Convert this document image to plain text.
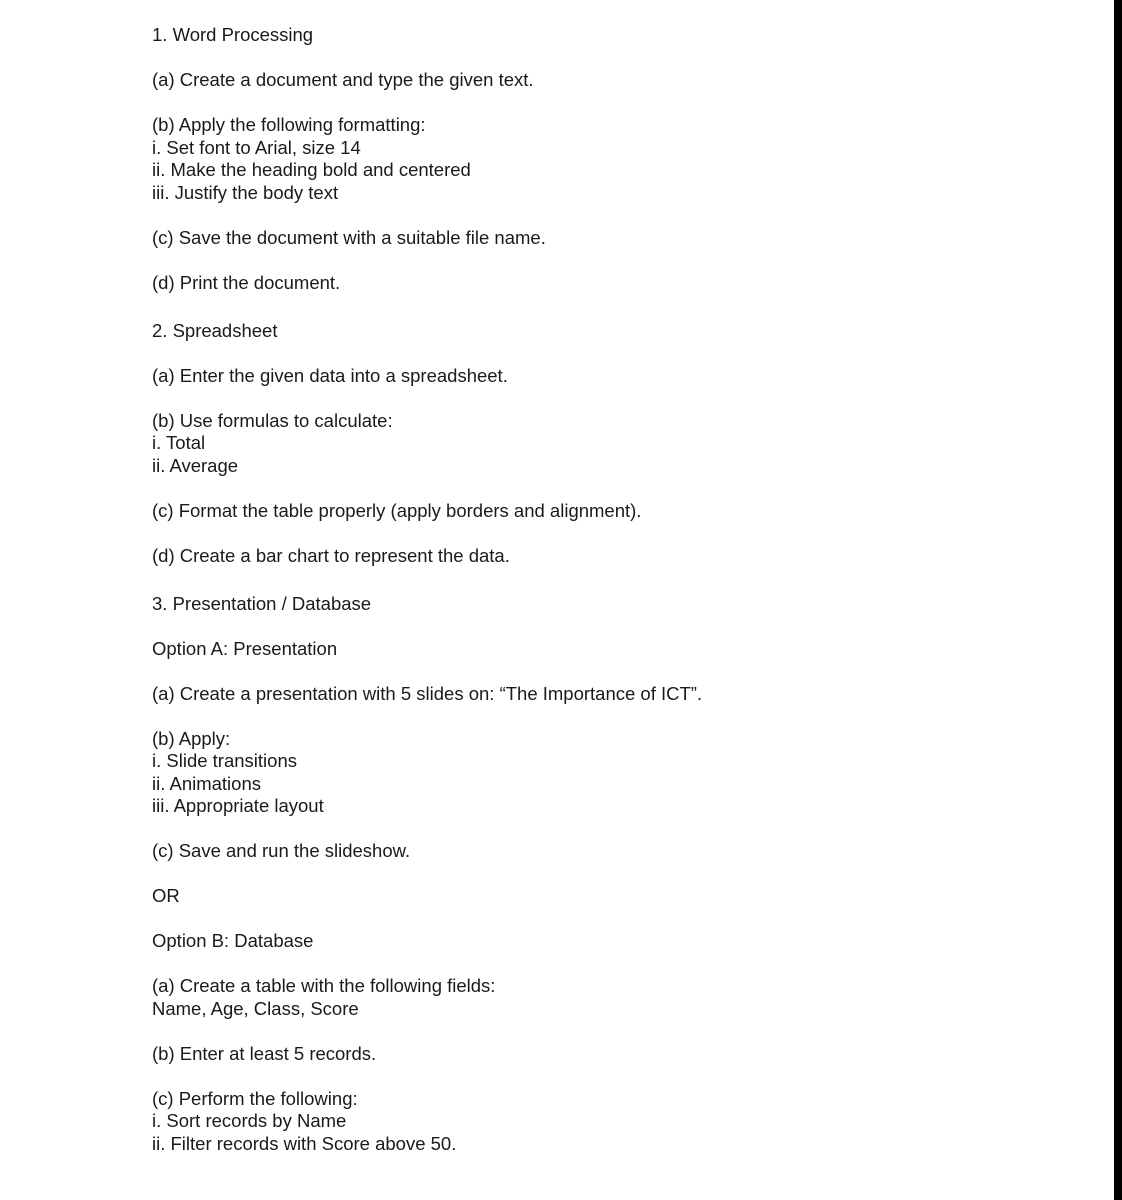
1. Word Processing
(a) Create a document and type the given text.
(b) Apply the following formatting:
i. Set font to Arial, size 14
ii. Make the heading bold and centered
iii. Justify the body text
(c) Save the document with a suitable file name.
(d) Print the document.
2. Spreadsheet
(a) Enter the given data into a spreadsheet.
(b) Use formulas to calculate:
i. Total
ii. Average
(c) Format the table properly (apply borders and alignment).
(d) Create a bar chart to represent the data.
3. Presentation / Database
Option A: Presentation
(a) Create a presentation with 5 slides on: “The Importance of ICT”.
(b) Apply:
i. Slide transitions
ii. Animations
iii. Appropriate layout
(c) Save and run the slideshow.
OR
Option B: Database
(a) Create a table with the following fields:
Name, Age, Class, Score
(b) Enter at least 5 records.
(c) Perform the following:
i. Sort records by Name
ii. Filter records with Score above 50.
